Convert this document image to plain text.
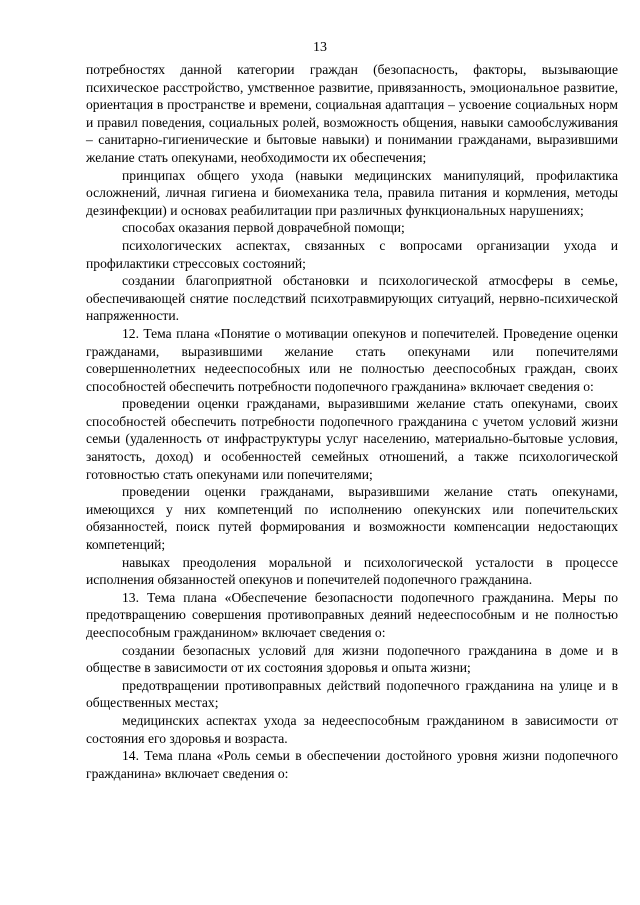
13

потребностях данной категории граждан (безопасность, факторы, вызывающие психическое расстройство, умственное развитие, привязанность, эмоциональное развитие, ориентация в пространстве и времени, социальная адаптация – усвоение социальных норм и правил поведения, социальных ролей, возможность общения, навыки самообслуживания – санитарно-гигиенические и бытовые навыки) и понимании гражданами, выразившими желание стать опекунами, необходимости их обеспечения;

принципах общего ухода (навыки медицинских манипуляций, профилактика осложнений, личная гигиена и биомеханика тела, правила питания и кормления, методы дезинфекции) и основах реабилитации при различных функциональных нарушениях;

способах оказания первой доврачебной помощи;

психологических аспектах, связанных с вопросами организации ухода и профилактики стрессовых состояний;

создании благоприятной обстановки и психологической атмосферы в семье, обеспечивающей снятие последствий психотравмирующих ситуаций, нервно-психической напряженности.

12. Тема плана «Понятие о мотивации опекунов и попечителей. Проведение оценки гражданами, выразившими желание стать опекунами или попечителями совершеннолетних недееспособных или не полностью дееспособных граждан, своих способностей обеспечить потребности подопечного гражданина» включает сведения о:

проведении оценки гражданами, выразившими желание стать опекунами, своих способностей обеспечить потребности подопечного гражданина с учетом условий жизни семьи (удаленность от инфраструктуры услуг населению, материально-бытовые условия, занятость, доход) и особенностей семейных отношений, а также психологической готовностью стать опекунами или попечителями;

проведении оценки гражданами, выразившими желание стать опекунами, имеющихся у них компетенций по исполнению опекунских или попечительских обязанностей, поиск путей формирования и возможности компенсации недостающих компетенций;

навыках преодоления моральной и психологической усталости в процессе исполнения обязанностей опекунов и попечителей подопечного гражданина.

13. Тема плана «Обеспечение безопасности подопечного гражданина. Меры по предотвращению совершения противоправных деяний недееспособным и не полностью дееспособным гражданином» включает сведения о:

создании безопасных условий для жизни подопечного гражданина в доме и в обществе в зависимости от их состояния здоровья и опыта жизни;

предотвращении противоправных действий подопечного гражданина на улице и в общественных местах;

медицинских аспектах ухода за недееспособным гражданином в зависимости от состояния его здоровья и возраста.

14. Тема плана «Роль семьи в обеспечении достойного уровня жизни подопечного гражданина» включает сведения о:
